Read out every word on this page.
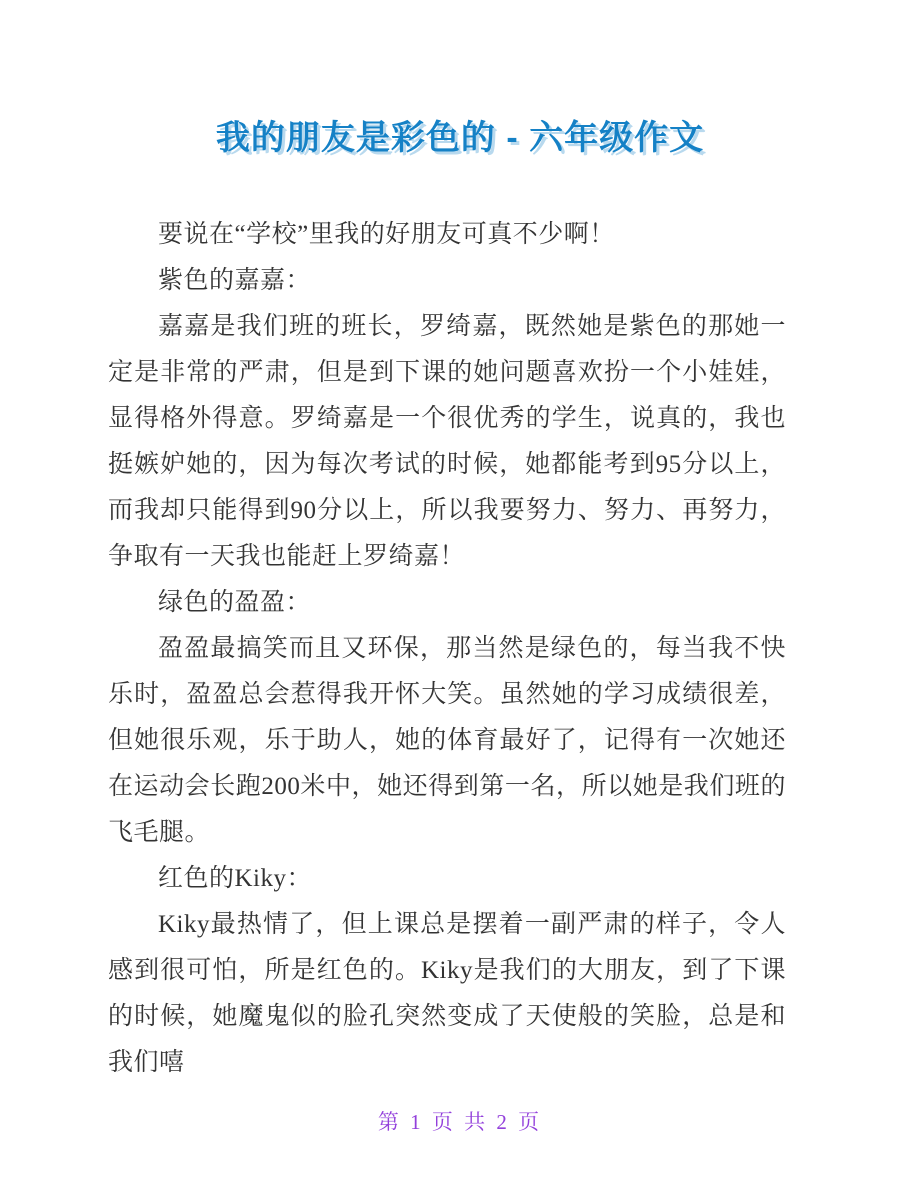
我的朋友是彩色的 - 六年级作文

要说在“学校”里我的好朋友可真不少啊！

紫色的嘉嘉：

嘉嘉是我们班的班长，罗绮嘉，既然她是紫色的那她一定是非常的严肃，但是到下课的她问题喜欢扮一个小娃娃，显得格外得意。罗绮嘉是一个很优秀的学生，说真的，我也挺嫉妒她的，因为每次考试的时候，她都能考到95分以上，而我却只能得到90分以上，所以我要努力、努力、再努力，争取有一天我也能赶上罗绮嘉！

绿色的盈盈：

盈盈最搞笑而且又环保，那当然是绿色的，每当我不快乐时，盈盈总会惹得我开怀大笑。虽然她的学习成绩很差，但她很乐观，乐于助人，她的体育最好了，记得有一次她还在运动会长跑200米中，她还得到第一名，所以她是我们班的飞毛腿。

红色的Kiky：

Kiky最热情了，但上课总是摆着一副严肃的样子，令人感到很可怕，所是红色的。Kiky是我们的大朋友，到了下课的时候，她魔鬼似的脸孔突然变成了天使般的笑脸，总是和我们嘻

第 1 页 共 2 页
